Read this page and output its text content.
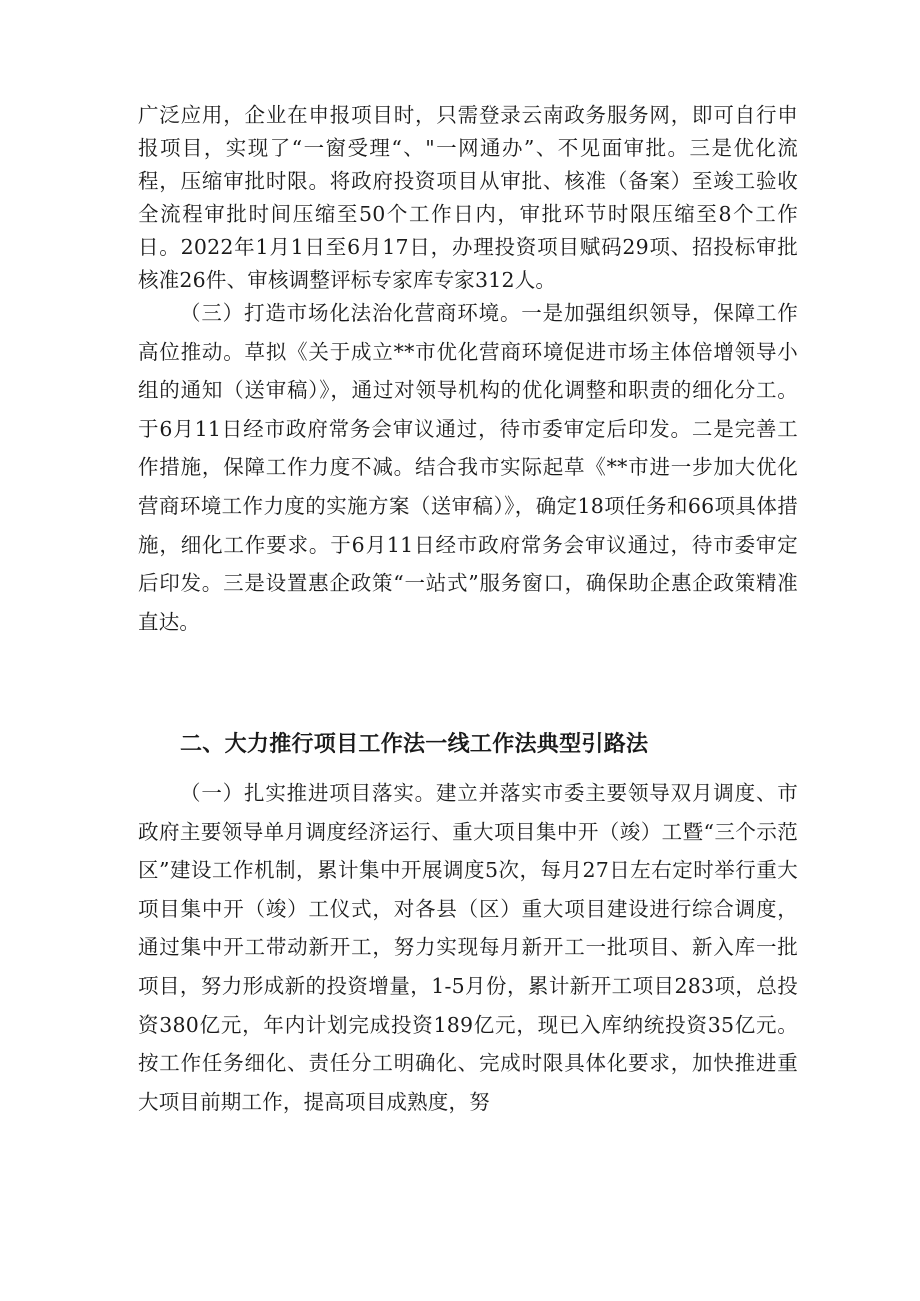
广泛应用，企业在申报项目时，只需登录云南政务服务网，即可自行申报项目，实现了“一窗受理“、"一网通办”、不见面审批。三是优化流程，压缩审批时限。将政府投资项目从审批、核准（备案）至竣工验收全流程审批时间压缩至50个工作日内，审批环节时限压缩至8个工作日。2022年1月1日至6月17日，办理投资项目赋码29项、招投标审批核准26件、审核调整评标专家库专家312人。

（三）打造市场化法治化营商环境。一是加强组织领导，保障工作高位推动。草拟《关于成立**市优化营商环境促进市场主体倍增领导小组的通知（送审稿）》，通过对领导机构的优化调整和职责的细化分工。于6月11日经市政府常务会审议通过，待市委审定后印发。二是完善工作措施，保障工作力度不减。结合我市实际起草《**市进一步加大优化营商环境工作力度的实施方案（送审稿）》，确定18项任务和66项具体措施，细化工作要求。于6月11日经市政府常务会审议通过，待市委审定后印发。三是设置惠企政策“一站式”服务窗口，确保助企惠企政策精准直达。

二、大力推行项目工作法一线工作法典型引路法

（一）扎实推进项目落实。建立并落实市委主要领导双月调度、市政府主要领导单月调度经济运行、重大项目集中开（竣）工暨“三个示范区”建设工作机制，累计集中开展调度5次，每月27日左右定时举行重大项目集中开（竣）工仪式，对各县（区）重大项目建设进行综合调度，通过集中开工带动新开工，努力实现每月新开工一批项目、新入库一批项目，努力形成新的投资增量，1-5月份，累计新开工项目283项，总投资380亿元，年内计划完成投资189亿元，现已入库纳统投资35亿元。按工作任务细化、责任分工明确化、完成时限具体化要求，加快推进重大项目前期工作，提高项目成熟度，努
